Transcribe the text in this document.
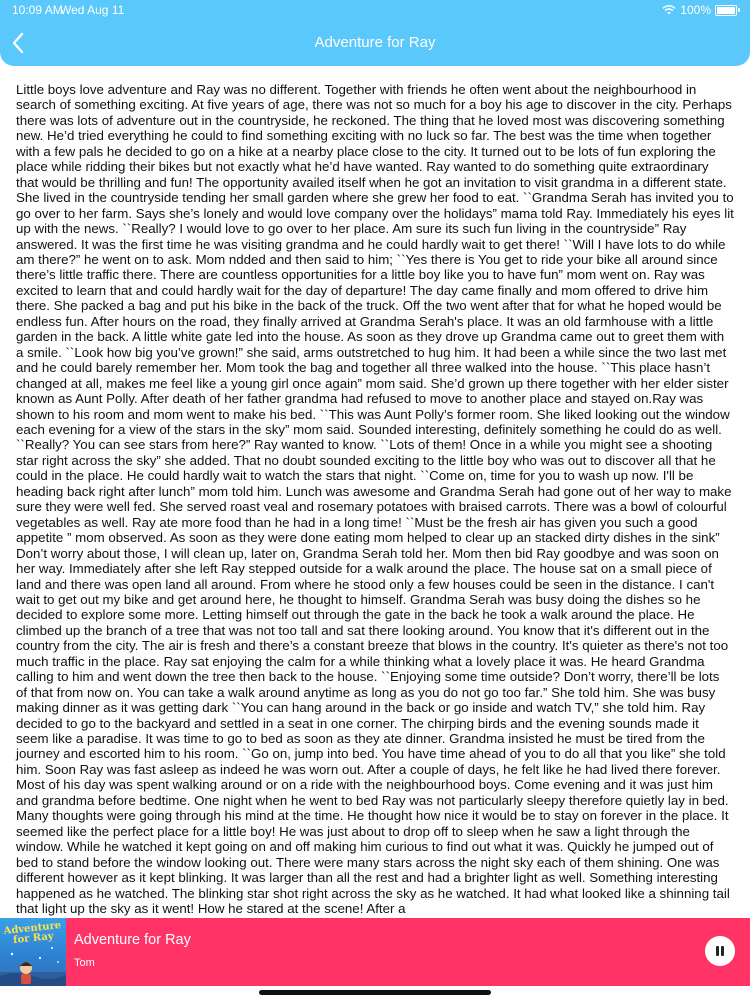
10:09 AM
Wed Aug 11	100%
Adventure for Ray
Little boys love adventure and Ray was no different. Together with friends he often went about the neighbourhood in search of something exciting. At five years of age, there was not so much for a boy his age to discover in the city. Perhaps there was lots of adventure out in the countryside, he reckoned. The thing that he loved most was discovering something new. He’d tried everything he could to find something exciting with no luck so far. The best was the time when together with a few pals he decided to go on a hike at a nearby place close to the city. It turned out to be lots of fun exploring the place while ridding their bikes but not exactly what he’d have wanted. Ray wanted to do something quite extraordinary that would be thrilling and fun! The opportunity availed itself when he got an invitation to visit grandma in a different state. She lived in the countryside tending her small garden where she grew her food to eat. ``Grandma Serah has invited you to go over to her farm. Says she’s lonely and would love company over the holidays” mama told Ray. Immediately his eyes lit up with the news. ``Really? I would love to go over to her place. Am sure its such fun living in the countryside” Ray answered. It was the first time he was visiting grandma and he could hardly wait to get there! ``Will I have lots to do while am there?” he went on to ask. Mom ndded and then said to him; ``Yes there is You get to ride your bike all around since there’s little traffic there. There are countless opportunities for a little boy like you to have fun” mom went on. Ray was excited to learn that and could hardly wait for the day of departure! The day came finally and mom offered to drive him there. She packed a bag and put his bike in the back of the truck. Off the two went after that for what he hoped would be endless fun. After hours on the road, they finally arrived at Grandma Serah's place. It was an old farmhouse with a little garden in the back. A little white gate led into the house. As soon as they drove up Grandma came out to greet them with a smile. ``Look how big you’ve grown!” she said, arms outstretched to hug him. It had been a while since the two last met and he could barely remember her. Mom took the bag and together all three walked into the house. ``This place hasn’t changed at all, makes me feel like a young girl once again” mom said. She’d grown up there together with her elder sister known as Aunt Polly. After death of her father grandma had refused to move to another place and stayed on.Ray was shown to his room and mom went to make his bed. ``This was Aunt Polly’s former room. She liked looking out the window each evening for a view of the stars in the sky” mom said. Sounded interesting, definitely something he could do as well. ``Really? You can see stars from here?” Ray wanted to know. ``Lots of them! Once in a while you might see a shooting star right across the sky” she added. That no doubt sounded exciting to the little boy who was out to discover all that he could in the place. He could hardly wait to watch the stars that night. ``Come on, time for you to wash up now. I'll be heading back right after lunch” mom told him. Lunch was awesome and Grandma Serah had gone out of her way to make sure they were well fed. She served roast veal and rosemary potatoes with braised carrots. There was a bowl of colourful vegetables as well. Ray ate more food than he had in a long time! ``Must be the fresh air has given you such a good appetite ” mom observed. As soon as they were done eating mom helped to clear up an stacked dirty dishes in the sink” Don’t worry about those, I will clean up, later on, Grandma Serah told her. Mom then bid Ray goodbye and was soon on her way. Immediately after she left Ray stepped outside for a walk around the place. The house sat on a small piece of land and there was open land all around. From where he stood only a few houses could be seen in the distance. I can't wait to get out my bike and get around here, he thought to himself. Grandma Serah was busy doing the dishes so he decided to explore some more. Letting himself out through the gate in the back he took a walk around the place. He climbed up the branch of a tree that was not too tall and sat there looking around. You know that it's different out in the country from the city. The air is fresh and there’s a constant breeze that blows in the country. It's quieter as there's not too much traffic in the place. Ray sat enjoying the calm for a while thinking what a lovely place it was. He heard Grandma calling to him and went down the tree then back to the house. ``Enjoying some time outside? Don’t worry, there’ll be lots of that from now on. You can take a walk around anytime as long as you do not go too far.” She told him. She was busy making dinner as it was getting dark ``You can hang around in the back or go inside and watch TV,” she told him. Ray decided to go to the backyard and settled in a seat in one corner. The chirping birds and the evening sounds made it seem like a paradise. It was time to go to bed as soon as they ate dinner. Grandma insisted he must be tired from the journey and escorted him to his room. ``Go on, jump into bed. You have time ahead of you to do all that you like” she told him. Soon Ray was fast asleep as indeed he was worn out. After a couple of days, he felt like he had lived there forever. Most of his day was spent walking around or on a ride with the neighbourhood boys. Come evening and it was just him and grandma before bedtime. One night when he went to bed Ray was not particularly sleepy therefore quietly lay in bed. Many thoughts were going through his mind at the time. He thought how nice it would be to stay on forever in the place. It seemed like the perfect place for a little boy! He was just about to drop off to sleep when he saw a light through the window. While he watched it kept going on and off making him curious to find out what it was. Quickly he jumped out of bed to stand before the window looking out. There were many stars across the night sky each of them shining. One was different however as it kept blinking. It was larger than all the rest and had a brighter light as well. Something interesting happened as he watched. The blinking star shot right across the sky as he watched. It had what looked like a shinning tail that light up the sky as it went! How he stared at the scene! After a
Adventure for Ray	Adventure for Ray
Tom
